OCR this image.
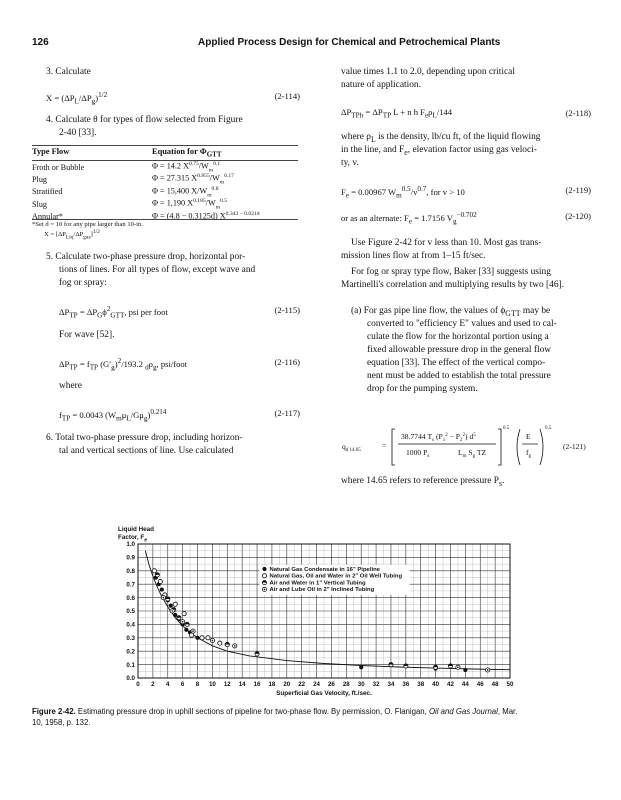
126	Applied Process Design for Chemical and Petrochemical Plants
3. Calculate
$X = (\Delta P_L/\Delta P_g)^{1/2}$	(2-114)
4. Calculate θ for types of flow selected from Figure
2-40 [33].
Type Flow	Equation for $\Phi_{GTT}$
Froth or Bubble	Φ = 14.2 $X^{0.75}/W_m^{0.1}$
Plug	Φ = 27.315 $X^{0.855}/W_m^{0.17}$
Stratified	Φ = 15,400 $X/W_m^{0.8}$
Slug	Φ = 1,190 $X^{0.185}/W_m^{0.5}$
Annular*	Φ = (4.8 − 0.3125d) $X^{0.343 - 0.021d}$
*Set d = 10 for any pipe larger than 10-in.
$X = [\Delta P_{Liq}/\Delta P_{gas}]^{1/2}$
5. Calculate two-phase pressure drop, horizontal por-
tions of lines. For all types of flow, except wave and
fog or spray:
$\Delta P_{TP} = \Delta P_G\phi^2_{GTT}$, psi per foot	(2-115)
For wave [52].
$\Delta P_{TP} = f_{TP}$ $(G'_g)^2/193.2$ $_d\rho_g$, psi/foot	(2-116)
where
$f_{TP} = 0.0043$ $(W_m\mu_L/G\mu_g)^{0.214}$	(2-117)
6. Total two-phase pressure drop, including horizon-
tal and vertical sections of line. Use calculated
value times 1.1 to 2.0, depending upon critical
nature of application.
$\Delta P_{TPh} = \Delta P_{TP}$ L + n h $F_e\rho_L/144$	(2-118)
where $\rho_L$ is the density, lb/cu ft, of the liquid flowing
in the line, and $F_e$, elevation factor using gas veloci-
ty, v.
$F_e = 0.00967$ $W_m^{0.5}/v^{0.7}$, for v > 10	(2-119)
or as an alternate: $F_e = 1.7156$ $V_g^{-0.702}$	(2-120)
Use Figure 2-42 for v less than 10. Most gas trans-
mission lines flow at from 1–15 ft/sec.
For fog or spray type flow, Baker [33] suggests using
Martinelli's correlation and multiplying results by two [46].
(a) For gas pipe line flow, the values of $\phi_{GTT}$ may be
converted to "efficiency E" values and used to cal-
culate the flow for the horizontal portion using a
fixed allowable pressure drop in the general flow
equation [33]. The effect of the vertical compo-
nent must be added to establish the total pressure
drop for the pumping system.
$q_{d 14.65}$
=
38.7744 $T_s$ $(P_1^2 - P_2^2)$ $d^5$
1000 $P_s$	$L_m$ $S_g$ TZ
0.5
E
$f_g$
0.5
(2-121)
where 14.65 refers to reference pressure $P_s$.
Liquid Head
Factor, $F_e$
0.0
0.1
0.2
0.3
0.4
0.5
0.6
0.7
0.8
0.9
1.0
0 2 4 6 8 10 12 14 16 18 20 22 24 26 28 30 32 34 36 38 40 42 44 46 48 50
Superficial Gas Velocity, ft./sec.
Natural Gas Condensate in 16" Pipeline
Natural Gas, Oil and Water in 2" Oil Well Tubing
Air and Water in 1" Vertical Tubing
Air and Lube Oil in 2" Inclined Tubing
Figure 2-42. Estimating pressure drop in uphill sections of pipeline for two-phase flow. By permission, O. Flanigan, Oil and Gas Journal, Mar.
10, 1958, p. 132.
